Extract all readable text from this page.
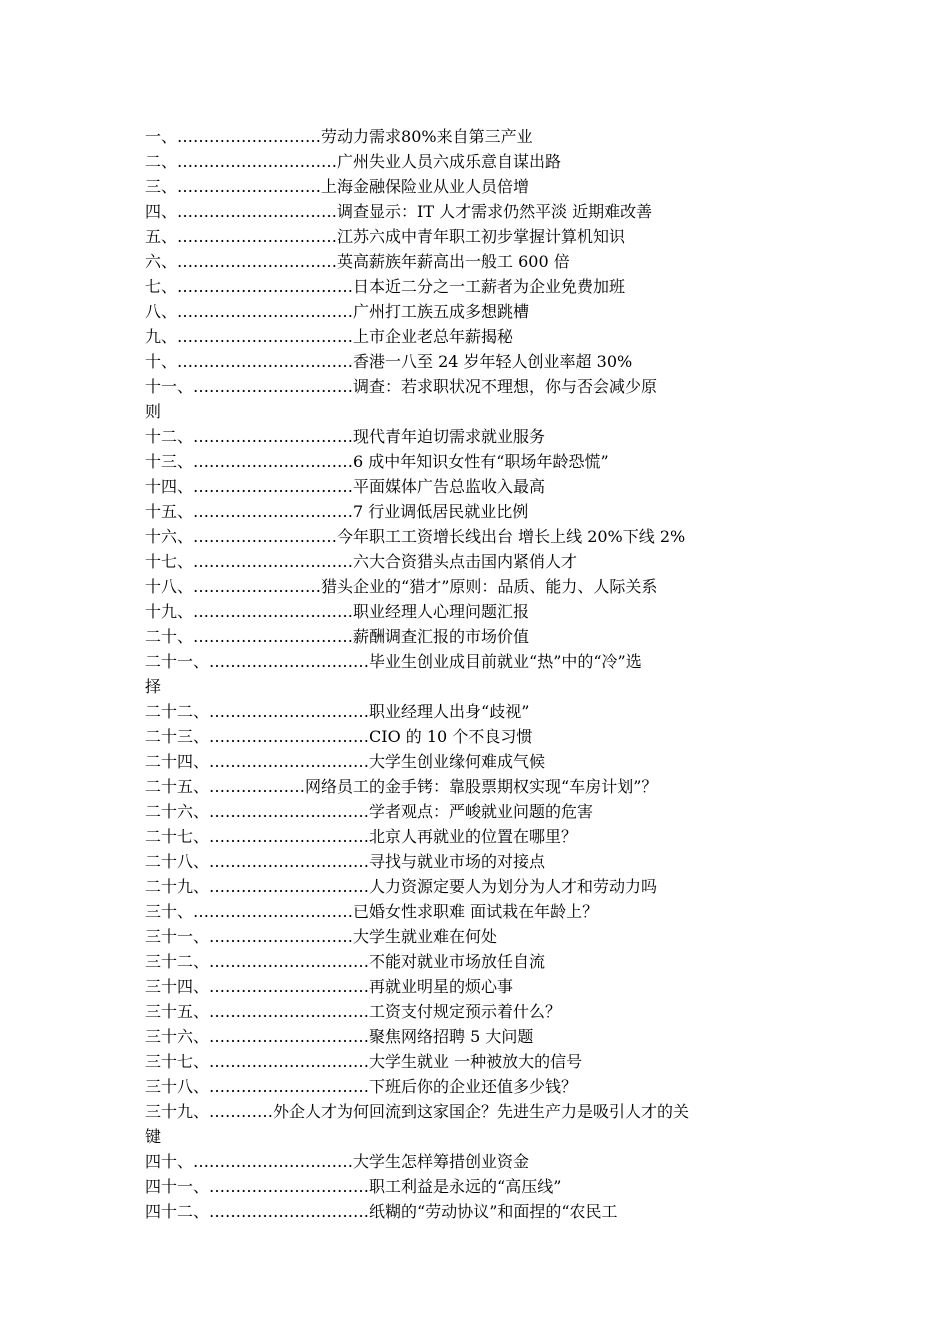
一、 ……………………… 劳动力需求80%来自第三产业
二、 ………………………… 广州失业人员六成乐意自谋出路
三、 ……………………… 上海金融保险业从业人员倍增
四、 ………………………… 调查显示：IT 人才需求仍然平淡 近期难改善
五、 ………………………… 江苏六成中青年职工初步掌握计算机知识
六、 ………………………… 英高薪族年薪高出一般工 600 倍
七、 …………………………… 日本近二分之一工薪者为企业免费加班
八、 …………………………… 广州打工族五成多想跳槽
九、 …………………………… 上市企业老总年薪揭秘
十、 …………………………… 香港一八至 24 岁年轻人创业率超 30%
十一、 ………………………… 调查：若求职状况不理想，你与否会减少原
则
十二、 ………………………… 现代青年迫切需求就业服务
十三、 ………………………… 6 成中年知识女性有“职场年龄恐慌”
十四、 ………………………… 平面媒体广告总监收入最高
十五、 ………………………… 7 行业调低居民就业比例
十六、 ……………………… 今年职工工资增长线出台 增长上线 20%下线 2%
十七、 ………………………… 六大合资猎头点击国内紧俏人才
十八、 …………………… 猎头企业的“猎才”原则：品质、能力、人际关系
十九、 ………………………… 职业经理人心理问题汇报
二十、 ………………………… 薪酬调查汇报的市场价值
二十一、 ………………………… 毕业生创业成目前就业“热”中的“冷”选
择
二十二、 ………………………… 职业经理人出身“歧视”
二十三、 ………………………… CIO 的 10 个不良习惯
二十四、 ………………………… 大学生创业缘何难成气候
二十五、 ……………… 网络员工的金手铐：靠股票期权实现“车房计划”？
二十六、 ………………………… 学者观点：严峻就业问题的危害
二十七、 ………………………… 北京人再就业的位置在哪里？
二十八、 ………………………… 寻找与就业市场的对接点
二十九、 ………………………… 人力资源定要人为划分为人才和劳动力吗
三十、 ………………………… 已婚女性求职难 面试栽在年龄上？
三十一、 ……………………… 大学生就业难在何处
三十二、 ………………………… 不能对就业市场放任自流
三十四、 ………………………… 再就业明星的烦心事
三十五、 ………………………… 工资支付规定预示着什么？
三十六、 ………………………… 聚焦网络招聘 5 大问题
三十七、 ………………………… 大学生就业 一种被放大的信号
三十八、 ………………………… 下班后你的企业还值多少钱？
三十九、 ………… 外企人才为何回流到这家国企？先进生产力是吸引人才的关
键
四十、 ………………………… 大学生怎样筹措创业资金
四十一、 ………………………… 职工利益是永远的“高压线”
四十二、 ………………………… 纸糊的“劳动协议”和面捏的“农民工
